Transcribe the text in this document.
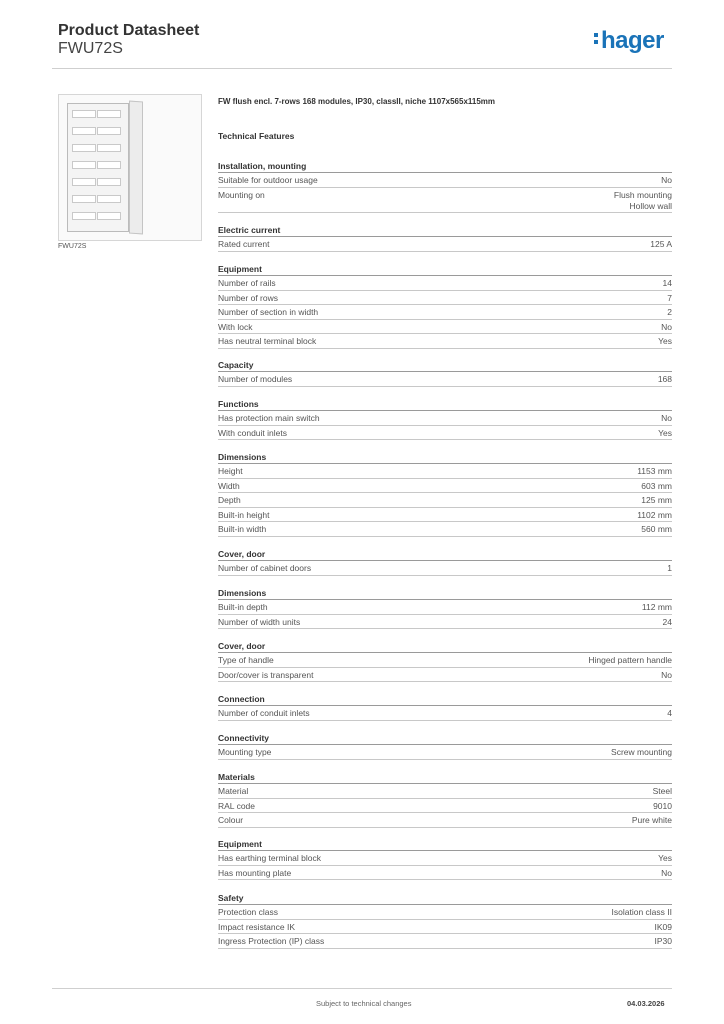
Product Datasheet
FWU72S	hager
FWU72S
FW flush encl. 7-rows 168 modules, IP30, classII, niche 1107x565x115mm
Technical Features
Installation, mounting
Suitable for outdoor usage	No
Mounting on	Flush mounting
Hollow wall
Electric current
Rated current	125 A
Equipment
Number of rails	14
Number of rows	7
Number of section in width	2
With lock	No
Has neutral terminal block	Yes
Capacity
Number of modules	168
Functions
Has protection main switch	No
With conduit inlets	Yes
Dimensions
Height	1153 mm
Width	603 mm
Depth	125 mm
Built-in height	1102 mm
Built-in width	560 mm
Cover, door
Number of cabinet doors	1
Dimensions
Built-in depth	112 mm
Number of width units	24
Cover, door
Type of handle	Hinged pattern handle
Door/cover is transparent	No
Connection
Number of conduit inlets	4
Connectivity
Mounting type	Screw mounting
Materials
Material	Steel
RAL code	9010
Colour	Pure white
Equipment
Has earthing terminal block	Yes
Has mounting plate	No
Safety
Protection class	Isolation class II
Impact resistance IK	IK09
Ingress Protection (IP) class	IP30
Subject to technical changes	04.03.2026
